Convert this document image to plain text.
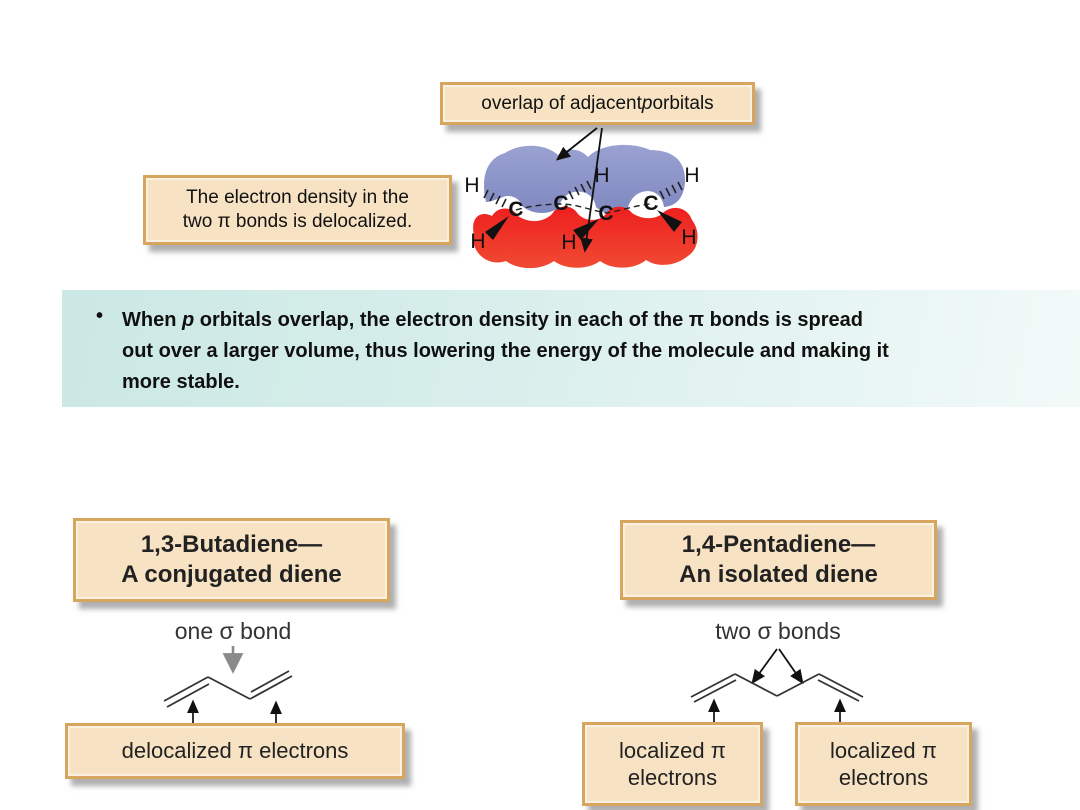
overlap of adjacent p orbitals
The electron density in the
two π bonds is delocalized.
C C C C
H	H	H
H	H	H
• When p orbitals overlap, the electron density in each of the π bonds is spread
out over a larger volume, thus lowering the energy of the molecule and making it
more stable.
1,3-Butadiene—
A conjugated diene
one σ bond
delocalized π electrons
1,4-Pentadiene—
An isolated diene
two σ bonds
localized π
electrons
localized π
electrons
